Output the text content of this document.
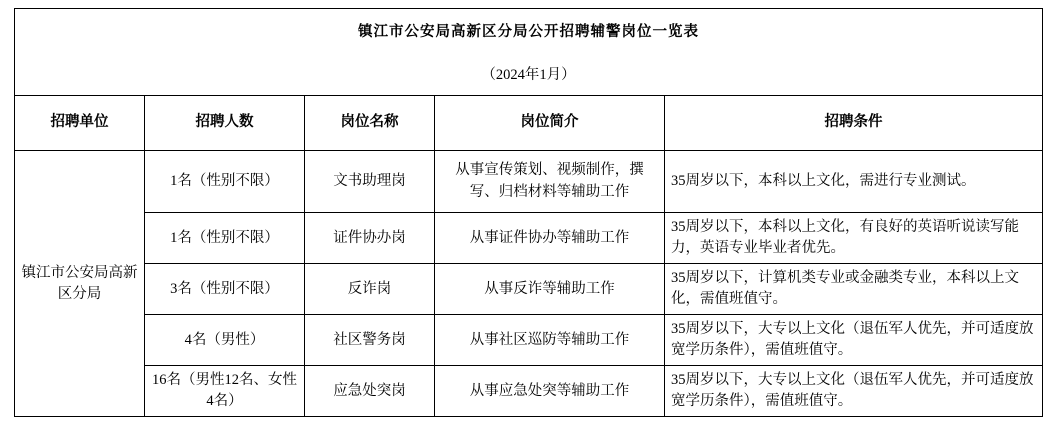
镇江市公安局高新区分局公开招聘辅警岗位一览表				
（2024年1月）				
招聘单位	招聘人数	岗位名称	岗位简介	招聘条件
镇江市公安局高新区分局	1名（性别不限）	文书助理岗	从事宣传策划、视频制作，撰写、归档材料等辅助工作	35周岁以下，本科以上文化，需进行专业测试。
	1名（性别不限）	证件协办岗	从事证件协办等辅助工作	35周岁以下，本科以上文化，有良好的英语听说读写能力，英语专业毕业者优先。
	3名（性别不限）	反诈岗	从事反诈等辅助工作	35周岁以下，计算机类专业或金融类专业，本科以上文化，需值班值守。
	4名（男性）	社区警务岗	从事社区巡防等辅助工作	35周岁以下，大专以上文化（退伍军人优先，并可适度放宽学历条件），需值班值守。
	16名（男性12名、女性4名）	应急处突岗	从事应急处突等辅助工作	35周岁以下，大专以上文化（退伍军人优先，并可适度放宽学历条件），需值班值守。
